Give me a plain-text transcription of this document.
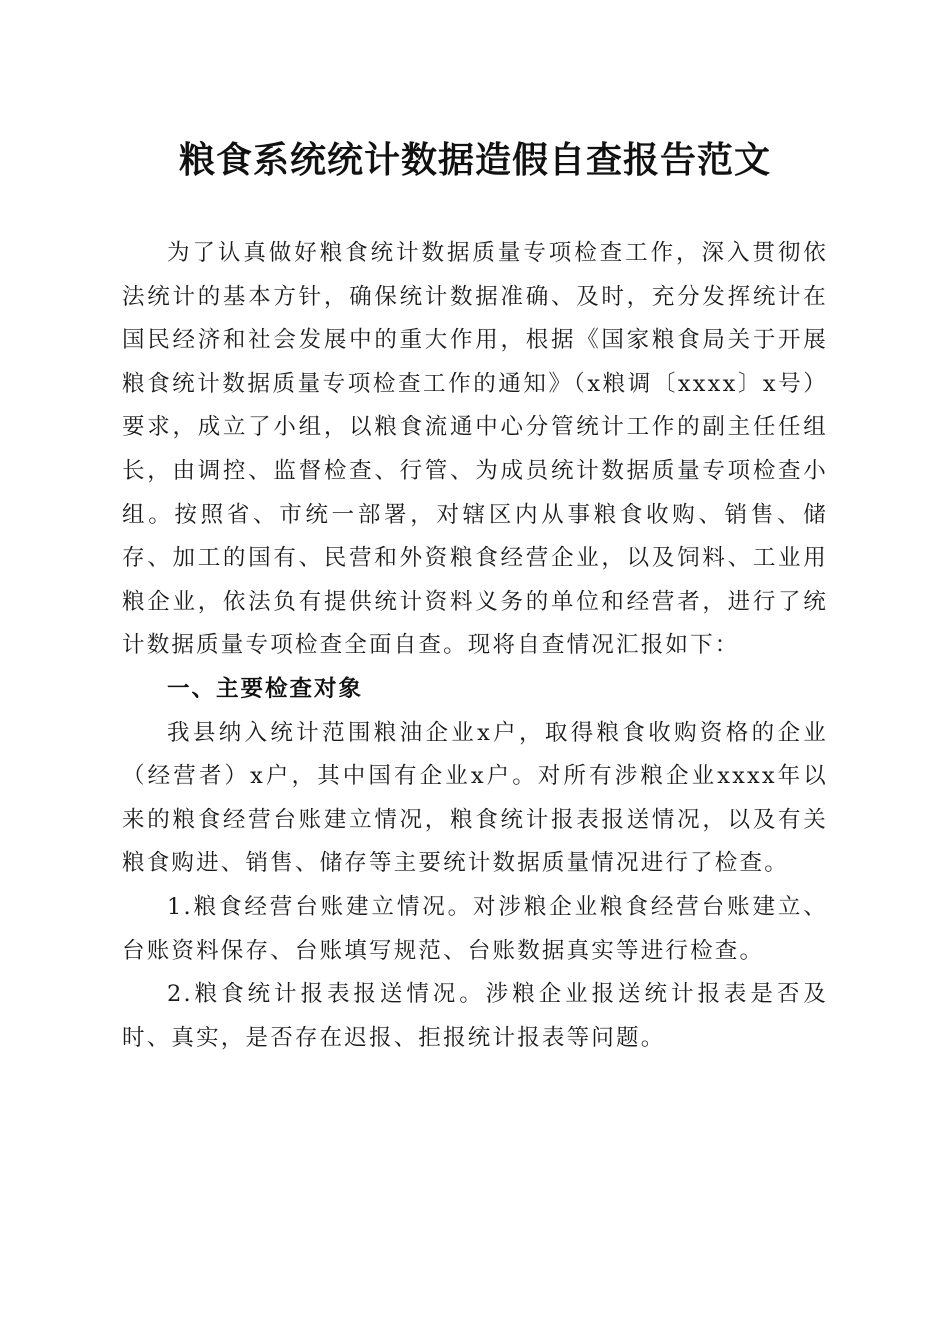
粮食系统统计数据造假自查报告范文

为了认真做好粮食统计数据质量专项检查工作，深入贯彻依法统计的基本方针，确保统计数据准确、及时，充分发挥统计在国民经济和社会发展中的重大作用，根据《国家粮食局关于开展粮食统计数据质量专项检查工作的通知》（x粮调〔xxxx〕x号）要求，成立了小组，以粮食流通中心分管统计工作的副主任任组长，由调控、监督检查、行管、为成员统计数据质量专项检查小组。按照省、市统一部署，对辖区内从事粮食收购、销售、储存、加工的国有、民营和外资粮食经营企业，以及饲料、工业用粮企业，依法负有提供统计资料义务的单位和经营者，进行了统计数据质量专项检查全面自查。现将自查情况汇报如下：

一、主要检查对象

我县纳入统计范围粮油企业x户，取得粮食收购资格的企业（经营者）x户，其中国有企业x户。对所有涉粮企业xxxx年以来的粮食经营台账建立情况，粮食统计报表报送情况，以及有关粮食购进、销售、储存等主要统计数据质量情况进行了检查。

1.粮食经营台账建立情况。对涉粮企业粮食经营台账建立、台账资料保存、台账填写规范、台账数据真实等进行检查。

2.粮食统计报表报送情况。涉粮企业报送统计报表是否及时、真实，是否存在迟报、拒报统计报表等问题。
